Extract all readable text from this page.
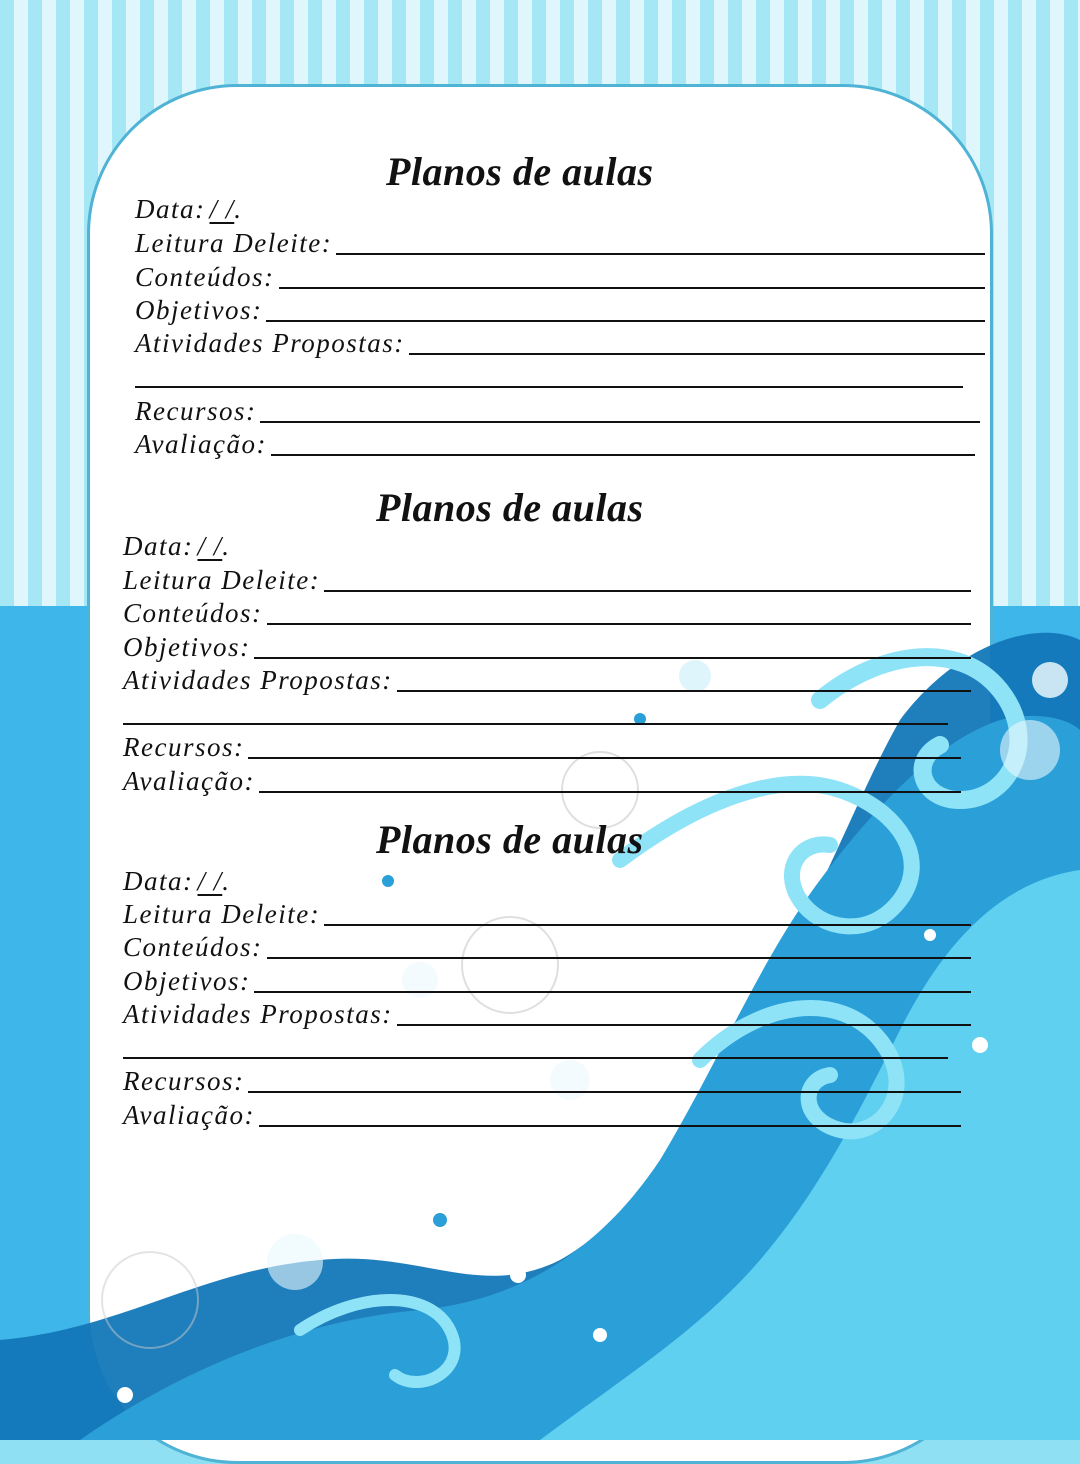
Planos de aulas
Data: / /.
Leitura Deleite:
Conteúdos:
Objetivos:
Atividades Propostas:
Recursos:
Avaliação:
Planos de aulas
Data: / /.
Leitura Deleite:
Conteúdos:
Objetivos:
Atividades Propostas:
Recursos:
Avaliação:
Planos de aulas
Data: / /.
Leitura Deleite:
Conteúdos:
Objetivos:
Atividades Propostas:
Recursos:
Avaliação:
